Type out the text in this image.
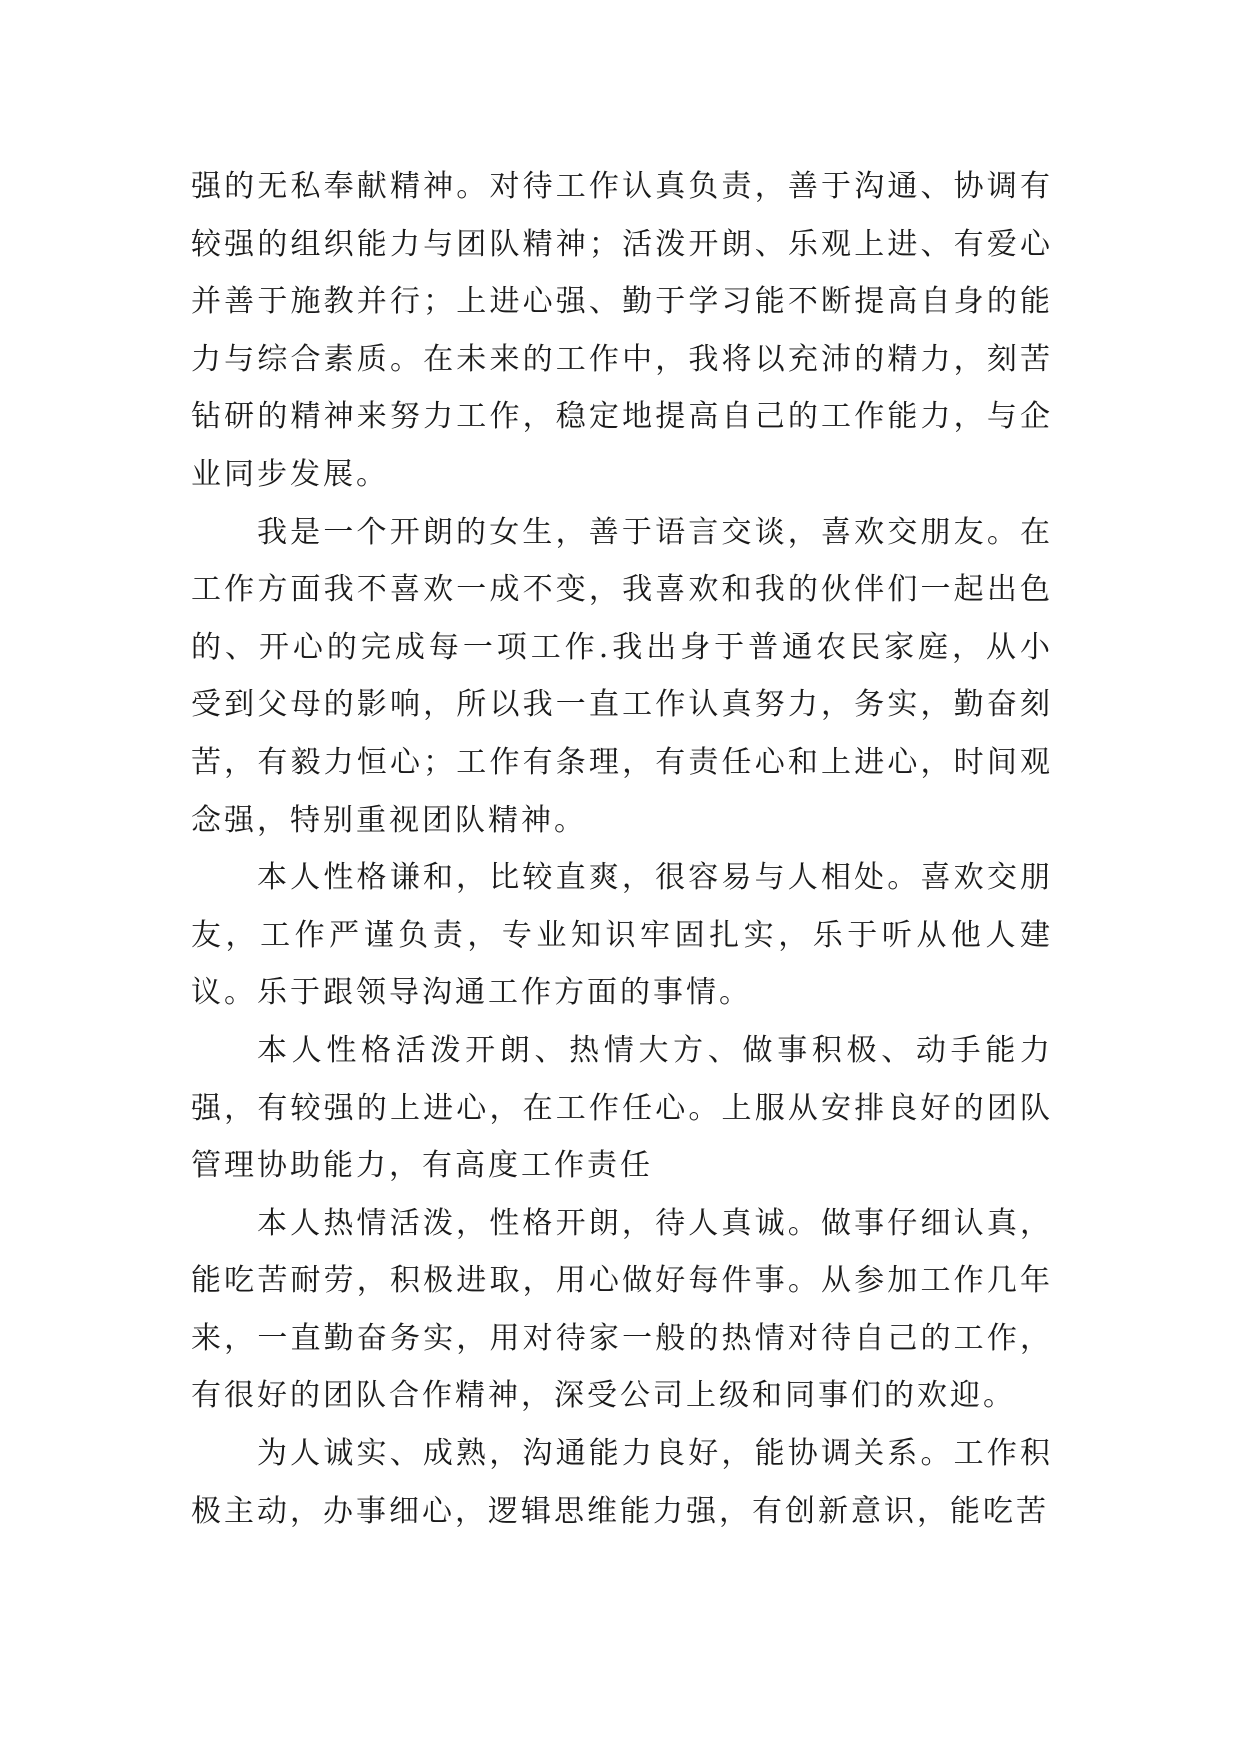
强的无私奉献精神。对待工作认真负责，善于沟通、协调有较强的组织能力与团队精神；活泼开朗、乐观上进、有爱心并善于施教并行；上进心强、勤于学习能不断提高自身的能力与综合素质。在未来的工作中，我将以充沛的精力，刻苦钻研的精神来努力工作，稳定地提高自己的工作能力，与企业同步发展。

我是一个开朗的女生，善于语言交谈，喜欢交朋友。在工作方面我不喜欢一成不变，我喜欢和我的伙伴们一起出色的、开心的完成每一项工作.我出身于普通农民家庭，从小受到父母的影响，所以我一直工作认真努力，务实，勤奋刻苦，有毅力恒心；工作有条理，有责任心和上进心，时间观念强，特别重视团队精神。

本人性格谦和，比较直爽，很容易与人相处。喜欢交朋友，工作严谨负责，专业知识牢固扎实，乐于听从他人建议。乐于跟领导沟通工作方面的事情。

本人性格活泼开朗、热情大方、做事积极、动手能力强，有较强的上进心，在工作任心。上服从安排良好的团队管理协助能力，有高度工作责任

本人热情活泼，性格开朗，待人真诚。做事仔细认真，能吃苦耐劳，积极进取，用心做好每件事。从参加工作几年来，一直勤奋务实，用对待家一般的热情对待自己的工作，有很好的团队合作精神，深受公司上级和同事们的欢迎。

为人诚实、成熟，沟通能力良好，能协调关系。工作积极主动，办事细心，逻辑思维能力强，有创新意识，能吃苦
